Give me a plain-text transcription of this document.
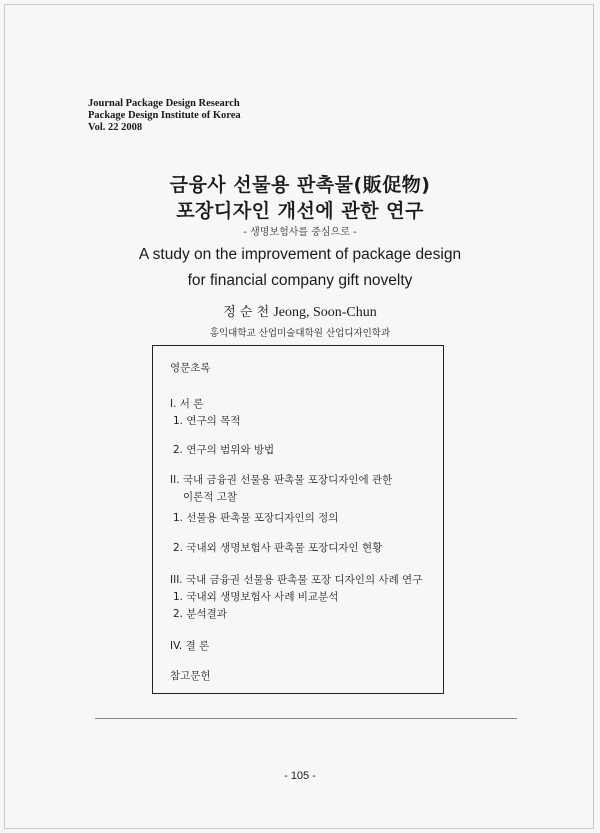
Journal Package Design Research
Package Design Institute of Korea
Vol. 22 2008
금융사 선물용 판촉물(販促物)
포장디자인 개선에 관한 연구
- 생명보험사를 중심으로 -
A study on the improvement of package design
for financial company gift novelty
정 순 천 Jeong, Soon-Chun
홍익대학교 산업미술대학원 산업디자인학과
영문초록
I. 서 론
1. 연구의 목적
2. 연구의 범위와 방법
II. 국내 금융권 선물용 판촉물 포장디자인에 관한
이론적 고찰
1. 선물용 판촉물 포장디자인의 정의
2. 국내외 생명보험사 판촉물 포장디자인 현황
III. 국내 금융권 선물용 판촉물 포장 디자인의 사례 연구
1. 국내외 생명보험사 사례 비교분석
2. 분석결과
IV. 결 론
참고문헌
- 105 -
